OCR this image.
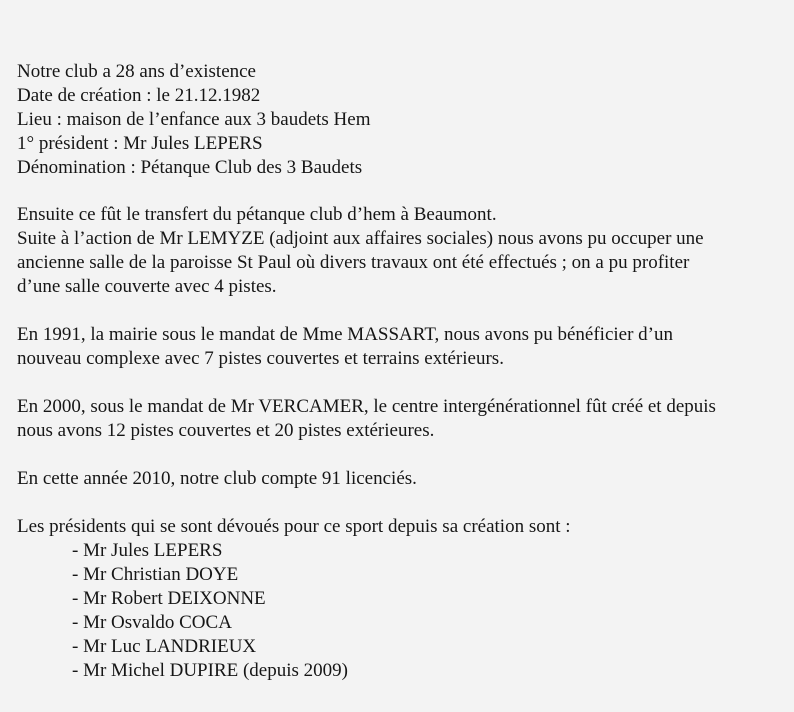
Notre club a 28 ans d’existence
Date de création : le 21.12.1982
Lieu : maison de l’enfance aux 3 baudets Hem
1° président : Mr Jules LEPERS
Dénomination : Pétanque Club des 3 Baudets
Ensuite ce fût le transfert du pétanque club d’hem à Beaumont.
Suite à l’action de Mr LEMYZE (adjoint aux affaires sociales) nous avons pu occuper une
ancienne salle de la paroisse St Paul où divers travaux ont été effectués ; on a pu profiter
d’une salle couverte avec 4 pistes.
En 1991, la mairie sous le mandat de Mme MASSART, nous avons pu bénéficier d’un
nouveau complexe avec 7 pistes couvertes et terrains extérieurs.
En 2000, sous le mandat de Mr VERCAMER, le centre intergénérationnel fût créé et depuis
nous avons 12 pistes couvertes et 20 pistes extérieures.
En cette année 2010, notre club compte 91 licenciés.
Les présidents qui se sont dévoués pour ce sport depuis sa création sont :
- Mr Jules LEPERS
- Mr Christian DOYE
- Mr Robert DEIXONNE
- Mr Osvaldo COCA
- Mr Luc LANDRIEUX
- Mr Michel DUPIRE (depuis 2009)
